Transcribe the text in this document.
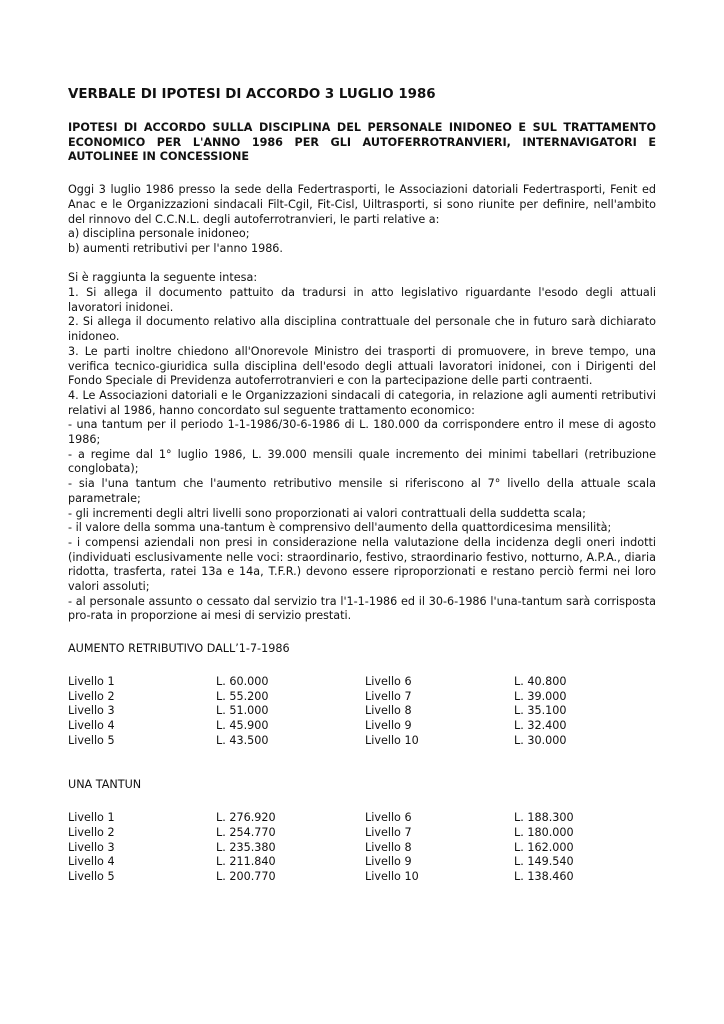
VERBALE DI IPOTESI DI ACCORDO 3 LUGLIO 1986
IPOTESI DI ACCORDO SULLA DISCIPLINA DEL PERSONALE INIDONEO E SUL TRATTAMENTO ECONOMICO PER L'ANNO 1986 PER GLI AUTOFERROTRANVIERI, INTERNAVIGATORI E AUTOLINEE IN CONCESSIONE

Oggi 3 luglio 1986 presso la sede della Federtrasporti, le Associazioni datoriali Federtrasporti, Fenit ed Anac e le Organizzazioni sindacali Filt-Cgil, Fit-Cisl, Uiltrasporti, si sono riunite per definire, nell'ambito del rinnovo del C.C.N.L. degli autoferrotranvieri, le parti relative a:

a) disciplina personale inidoneo;

b) aumenti retributivi per l'anno 1986.

Si è raggiunta la seguente intesa:

1. Si allega il documento pattuito da tradursi in atto legislativo riguardante l'esodo degli attuali lavoratori inidonei.

2. Si allega il documento relativo alla disciplina contrattuale del personale che in futuro sarà dichiarato inidoneo.

3. Le parti inoltre chiedono all'Onorevole Ministro dei trasporti di promuovere, in breve tempo, una verifica tecnico-giuridica sulla disciplina dell'esodo degli attuali lavoratori inidonei, con i Dirigenti del Fondo Speciale di Previdenza autoferrotranvieri e con la partecipazione delle parti contraenti.

4. Le Associazioni datoriali e le Organizzazioni sindacali di categoria, in relazione agli aumenti retributivi relativi al 1986, hanno concordato sul seguente trattamento economico:

- una tantum per il periodo 1-1-1986/30-6-1986 di L. 180.000 da corrispondere entro il mese di agosto 1986;

- a regime dal 1° luglio 1986, L. 39.000 mensili quale incremento dei minimi tabellari (retribuzione conglobata);

- sia l'una tantum che l'aumento retributivo mensile si riferiscono al 7° livello della attuale scala parametrale;

- gli incrementi degli altri livelli sono proporzionati ai valori contrattuali della suddetta scala;

- il valore della somma una-tantum è comprensivo dell'aumento della quattordicesima mensilità;

- i compensi aziendali non presi in considerazione nella valutazione della incidenza degli oneri indotti (individuati esclusivamente nelle voci: straordinario, festivo, straordinario festivo, notturno, A.P.A., diaria ridotta, trasferta, ratei 13a e 14a, T.F.R.) devono essere riproporzionati e restano perciò fermi nei loro valori assoluti;

- al personale assunto o cessato dal servizio tra l'1-1-1986 ed il 30-6-1986 l'una-tantum sarà corrisposta pro-rata in proporzione ai mesi di servizio prestati.

AUMENTO RETRIBUTIVO DALL’1-7-1986

Livello 1	L. 60.000	Livello 6	L. 40.800
Livello 2	L. 55.200	Livello 7	L. 39.000
Livello 3	L. 51.000	Livello 8	L. 35.100
Livello 4	L. 45.900	Livello 9	L. 32.400
Livello 5	L. 43.500	Livello 10	L. 30.000

UNA TANTUN

Livello 1	L. 276.920	Livello 6	L. 188.300
Livello 2	L. 254.770	Livello 7	L. 180.000
Livello 3	L. 235.380	Livello 8	L. 162.000
Livello 4	L. 211.840	Livello 9	L. 149.540
Livello 5	L. 200.770	Livello 10	L. 138.460
